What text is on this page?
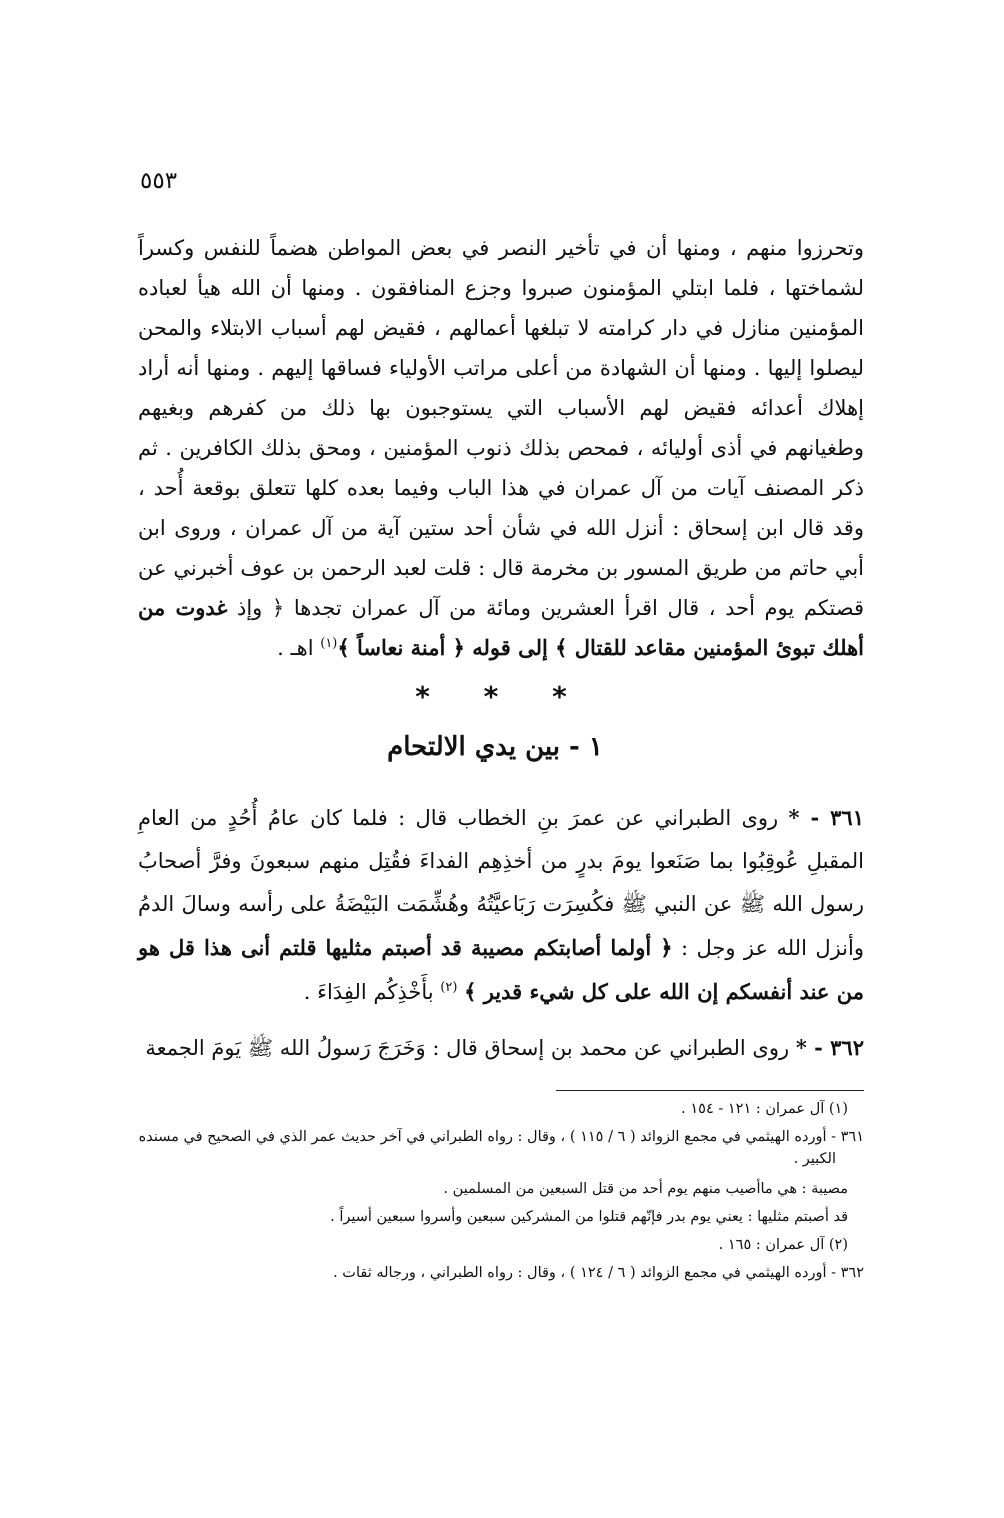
٥٥٣

وتحرزوا منهم ، ومنها أن في تأخير النصر في بعض المواطن هضماً للنفس وكسراً لشماختها ، فلما ابتلي المؤمنون صبروا وجزع المنافقون . ومنها أن الله هيأ لعباده المؤمنين منازل في دار كرامته لا تبلغها أعمالهم ، فقيض لهم أسباب الابتلاء والمحن ليصلوا إليها . ومنها أن الشهادة من أعلى مراتب الأولياء فساقها إليهم . ومنها أنه أراد إهلاك أعدائه فقيض لهم الأسباب التي يستوجبون بها ذلك من كفرهم وبغيهم وطغيانهم في أذى أوليائه ، فمحص بذلك ذنوب المؤمنين ، ومحق بذلك الكافرين . ثم ذكر المصنف آيات من آل عمران في هذا الباب وفيما بعده كلها تتعلق بوقعة أُحد ، وقد قال ابن إسحاق : أنزل الله في شأن أحد ستين آية من آل عمران ، وروى ابن أبي حاتم من طريق المسور بن مخرمة قال : قلت لعبد الرحمن بن عوف أخبرني عن قصتكم يوم أحد ، قال اقرأ العشرين ومائة من آل عمران تجدها ﴿ وإذ غدوت من أهلك تبوئ المؤمنين مقاعد للقتال ﴾ إلى قوله ﴿ أمنة نعاساً ﴾$^{(١)}$ اهـ .

* * *
١ - بين يدي الالتحام

٣٦١ - * روى الطبراني عن عمرَ بنِ الخطاب قال : فلما كان عامُ أُحُدٍ من العامِ المقبلِ عُوقِبُوا بما صَنَعوا يومَ بدرٍ من أخذِهِم الفداءَ فقُتِل منهم سبعونَ وفرَّ أصحابُ رسول الله ﷺ عن النبي ﷺ فكُسِرَت رَبَاعيَّتُهُ وهُشِّمَت البَيْضَةُ على رأسه وسالَ الدمُ وأنزل الله عز وجل : ﴿ أولما أصابتكم مصيبة قد أصبتم مثليها قلتم أنى هذا قل هو من عند أنفسكم إن الله على كل شيء قدير ﴾ $^{(٢)}$ بأَخْذِكُم الفِدَاءَ .

٣٦٢ - * روى الطبراني عن محمد بن إسحاق قال : وَخَرَجَ رَسولُ الله ﷺ يَومَ الجمعة

(١) آل عمران : ١٢١ - ١٥٤ .

٣٦١ - أورده الهيثمي في مجمع الزوائد ( ٦ / ١١٥ ) ، وقال : رواه الطبراني في آخر حديث عمر الذي في الصحيح في مسنده الكبير .

مصيبة : هي ماأصيب منهم يوم أحد من قتل السبعين من المسلمين .

قد أصبتم مثليها : يعني يوم بدر فإنّهم قتلوا من المشركين سبعين وأسروا سبعين أسيراً .

(٢) آل عمران : ١٦٥ .

٣٦٢ - أورده الهيثمي في مجمع الزوائد ( ٦ / ١٢٤ ) ، وقال : رواه الطبراني ، ورجاله ثقات .
